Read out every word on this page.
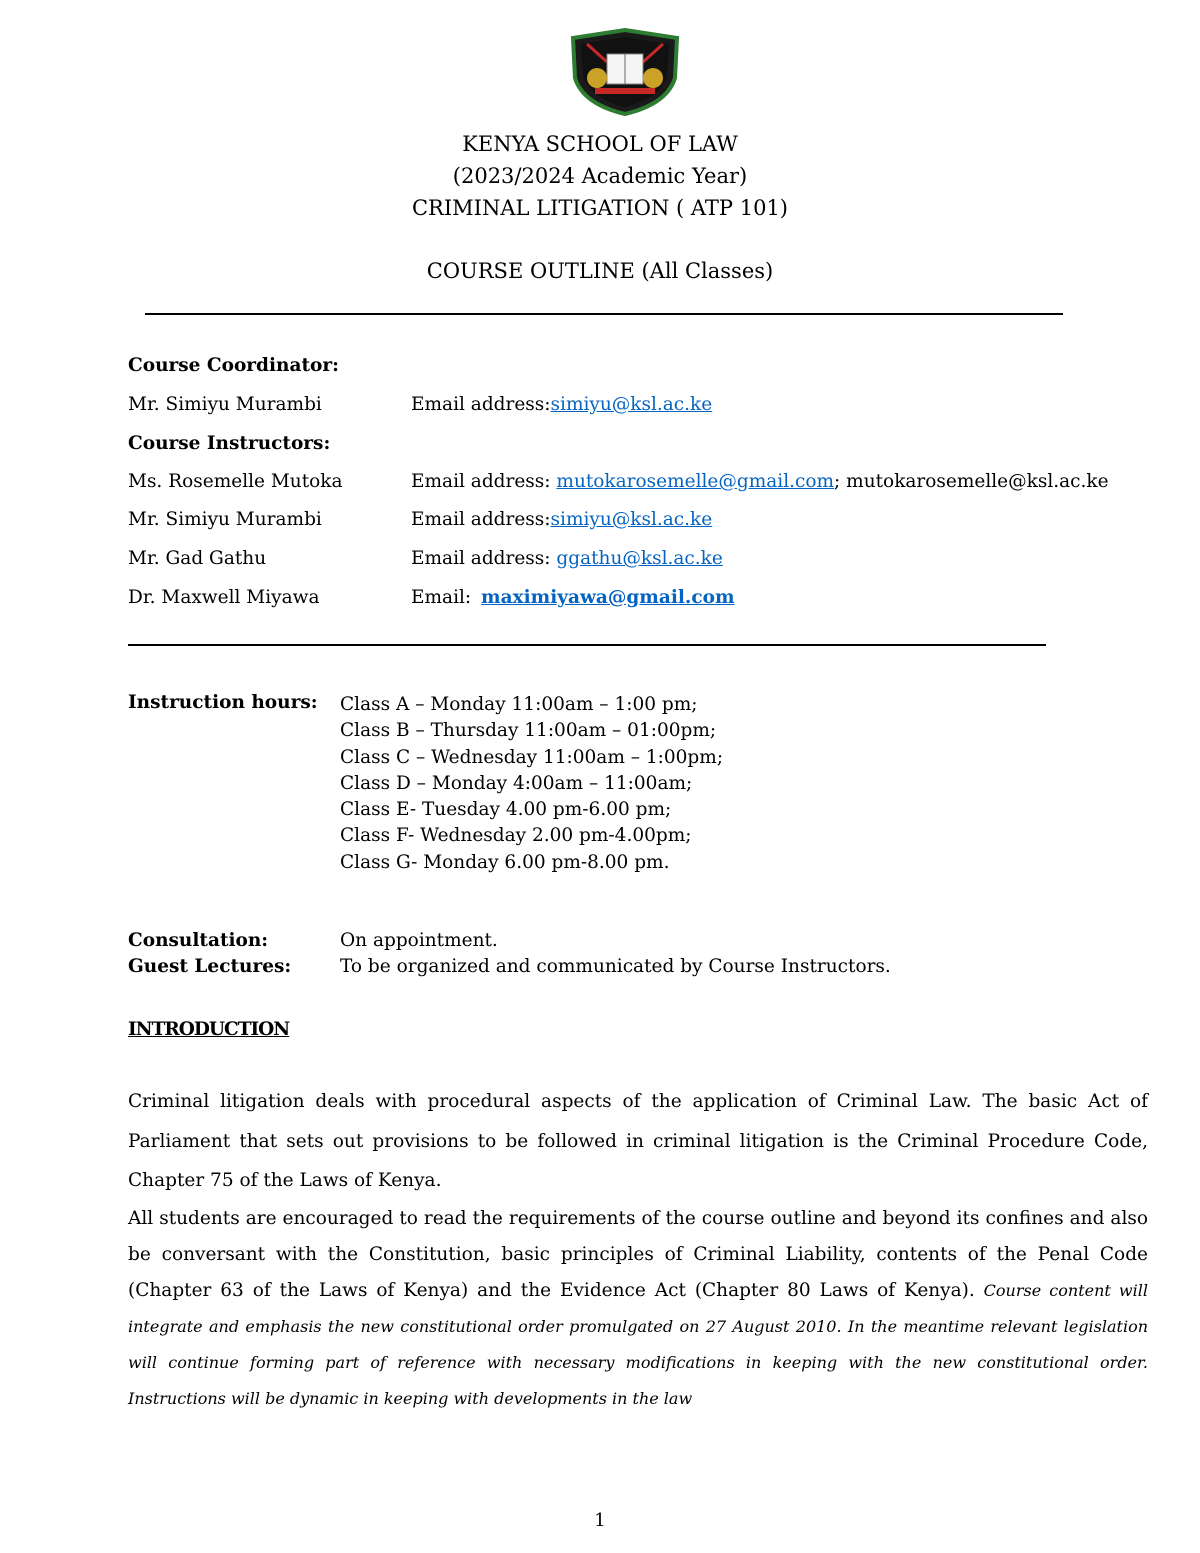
KENYA SCHOOL OF LAW
(2023/2024 Academic Year)
CRIMINAL LITIGATION ( ATP 101)
COURSE OUTLINE (All Classes)
Course Coordinator:
Mr. Simiyu Murambi	Email address:simiyu@ksl.ac.ke
Course Instructors:
Ms. Rosemelle Mutoka	Email address: mutokarosemelle@gmail.com; mutokarosemelle@ksl.ac.ke
Mr. Simiyu Murambi	Email address:simiyu@ksl.ac.ke
Mr. Gad Gathu	Email address: ggathu@ksl.ac.ke
Dr. Maxwell Miyawa	Email: maximiyawa@gmail.com
Instruction hours: Class A – Monday 11:00am – 1:00 pm;
Class B – Thursday 11:00am – 01:00pm;
Class C – Wednesday 11:00am – 1:00pm;
Class D – Monday 4:00am – 11:00am;
Class E- Tuesday 4.00 pm-6.00 pm;
Class F- Wednesday 2.00 pm-4.00pm;
Class G- Monday 6.00 pm-8.00 pm.
Consultation:	On appointment.
Guest Lectures:	To be organized and communicated by Course Instructors.
INTRODUCTION
Criminal litigation deals with procedural aspects of the application of Criminal Law. The basic Act of Parliament that sets out provisions to be followed in criminal litigation is the Criminal Procedure Code, Chapter 75 of the Laws of Kenya.
All students are encouraged to read the requirements of the course outline and beyond its confines and also be conversant with the Constitution, basic principles of Criminal Liability, contents of the Penal Code (Chapter 63 of the Laws of Kenya) and the Evidence Act (Chapter 80 Laws of Kenya). Course content will integrate and emphasis the new constitutional order promulgated on 27 August 2010. In the meantime relevant legislation will continue forming part of reference with necessary modifications in keeping with the new constitutional order. Instructions will be dynamic in keeping with developments in the law
1
